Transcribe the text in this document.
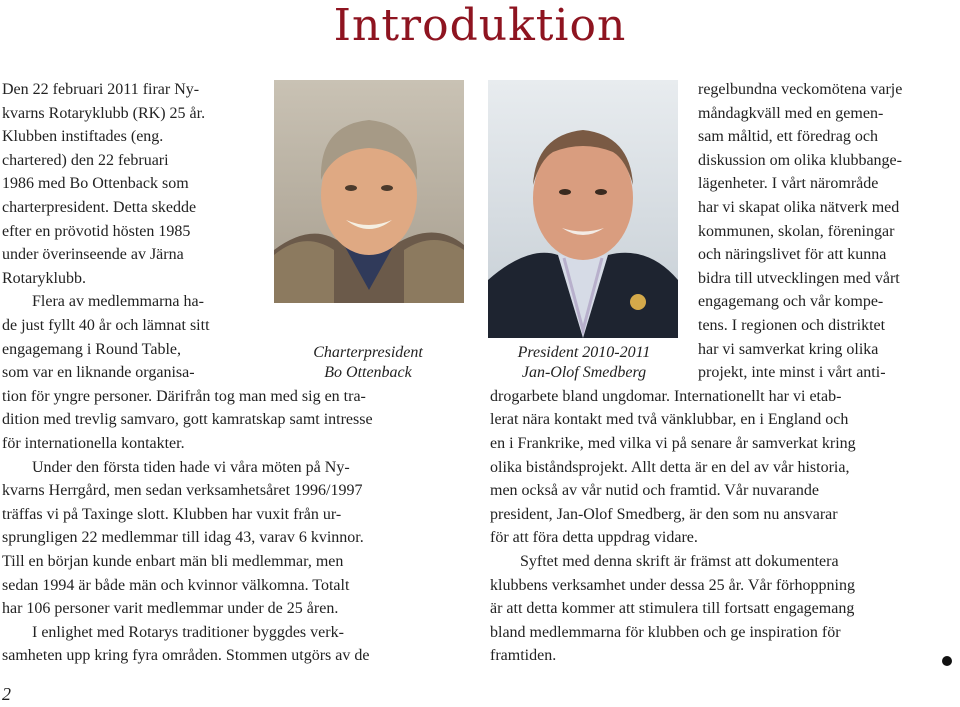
Introduktion
Charterpresident
Bo Ottenback
President 2010-2011
Jan-Olof Smedberg
Den 22 februari 2011 firar Ny-
kvarns Rotaryklubb (RK) 25 år.
Klubben instiftades (eng.
chartered) den 22 februari
1986 med Bo Ottenback som
charterpresident. Detta skedde
efter en prövotid hösten 1985
under överinseende av Järna
Rotaryklubb.
Flera av medlemmarna ha-
de just fyllt 40 år och lämnat sitt
engagemang i Round Table,
som var en liknande organisa-
tion för yngre personer. Därifrån tog man med sig en tra-
dition med trevlig samvaro, gott kamratskap samt intresse
för internationella kontakter.
Under den första tiden hade vi våra möten på Ny-
kvarns Herrgård, men sedan verksamhetsåret 1996/1997
träffas vi på Taxinge slott. Klubben har vuxit från ur-
sprungligen 22 medlemmar till idag 43, varav 6 kvinnor.
Till en början kunde enbart män bli medlemmar, men
sedan 1994 är både män och kvinnor välkomna. Totalt
har 106 personer varit medlemmar under de 25 åren.
I enlighet med Rotarys traditioner byggdes verk-
samheten upp kring fyra områden. Stommen utgörs av de
regelbundna veckomötena varje
måndagkväll med en gemen-
sam måltid, ett föredrag och
diskussion om olika klubbange-
lägenheter. I vårt närområde
har vi skapat olika nätverk med
kommunen, skolan, föreningar
och näringslivet för att kunna
bidra till utvecklingen med vårt
engagemang och vår kompe-
tens. I regionen och distriktet
har vi samverkat kring olika
projekt, inte minst i vårt anti-
drogarbete bland ungdomar. Internationellt har vi etab-
lerat nära kontakt med två vänklubbar, en i England och
en i Frankrike, med vilka vi på senare år samverkat kring
olika biståndsprojekt. Allt detta är en del av vår historia,
men också av vår nutid och framtid. Vår nuvarande
president, Jan-Olof Smedberg, är den som nu ansvarar
för att föra detta uppdrag vidare.
Syftet med denna skrift är främst att dokumentera
klubbens verksamhet under dessa 25 år. Vår förhoppning
är att detta kommer att stimulera till fortsatt engagemang
bland medlemmarna för klubben och ge inspiration för
framtiden.
2
